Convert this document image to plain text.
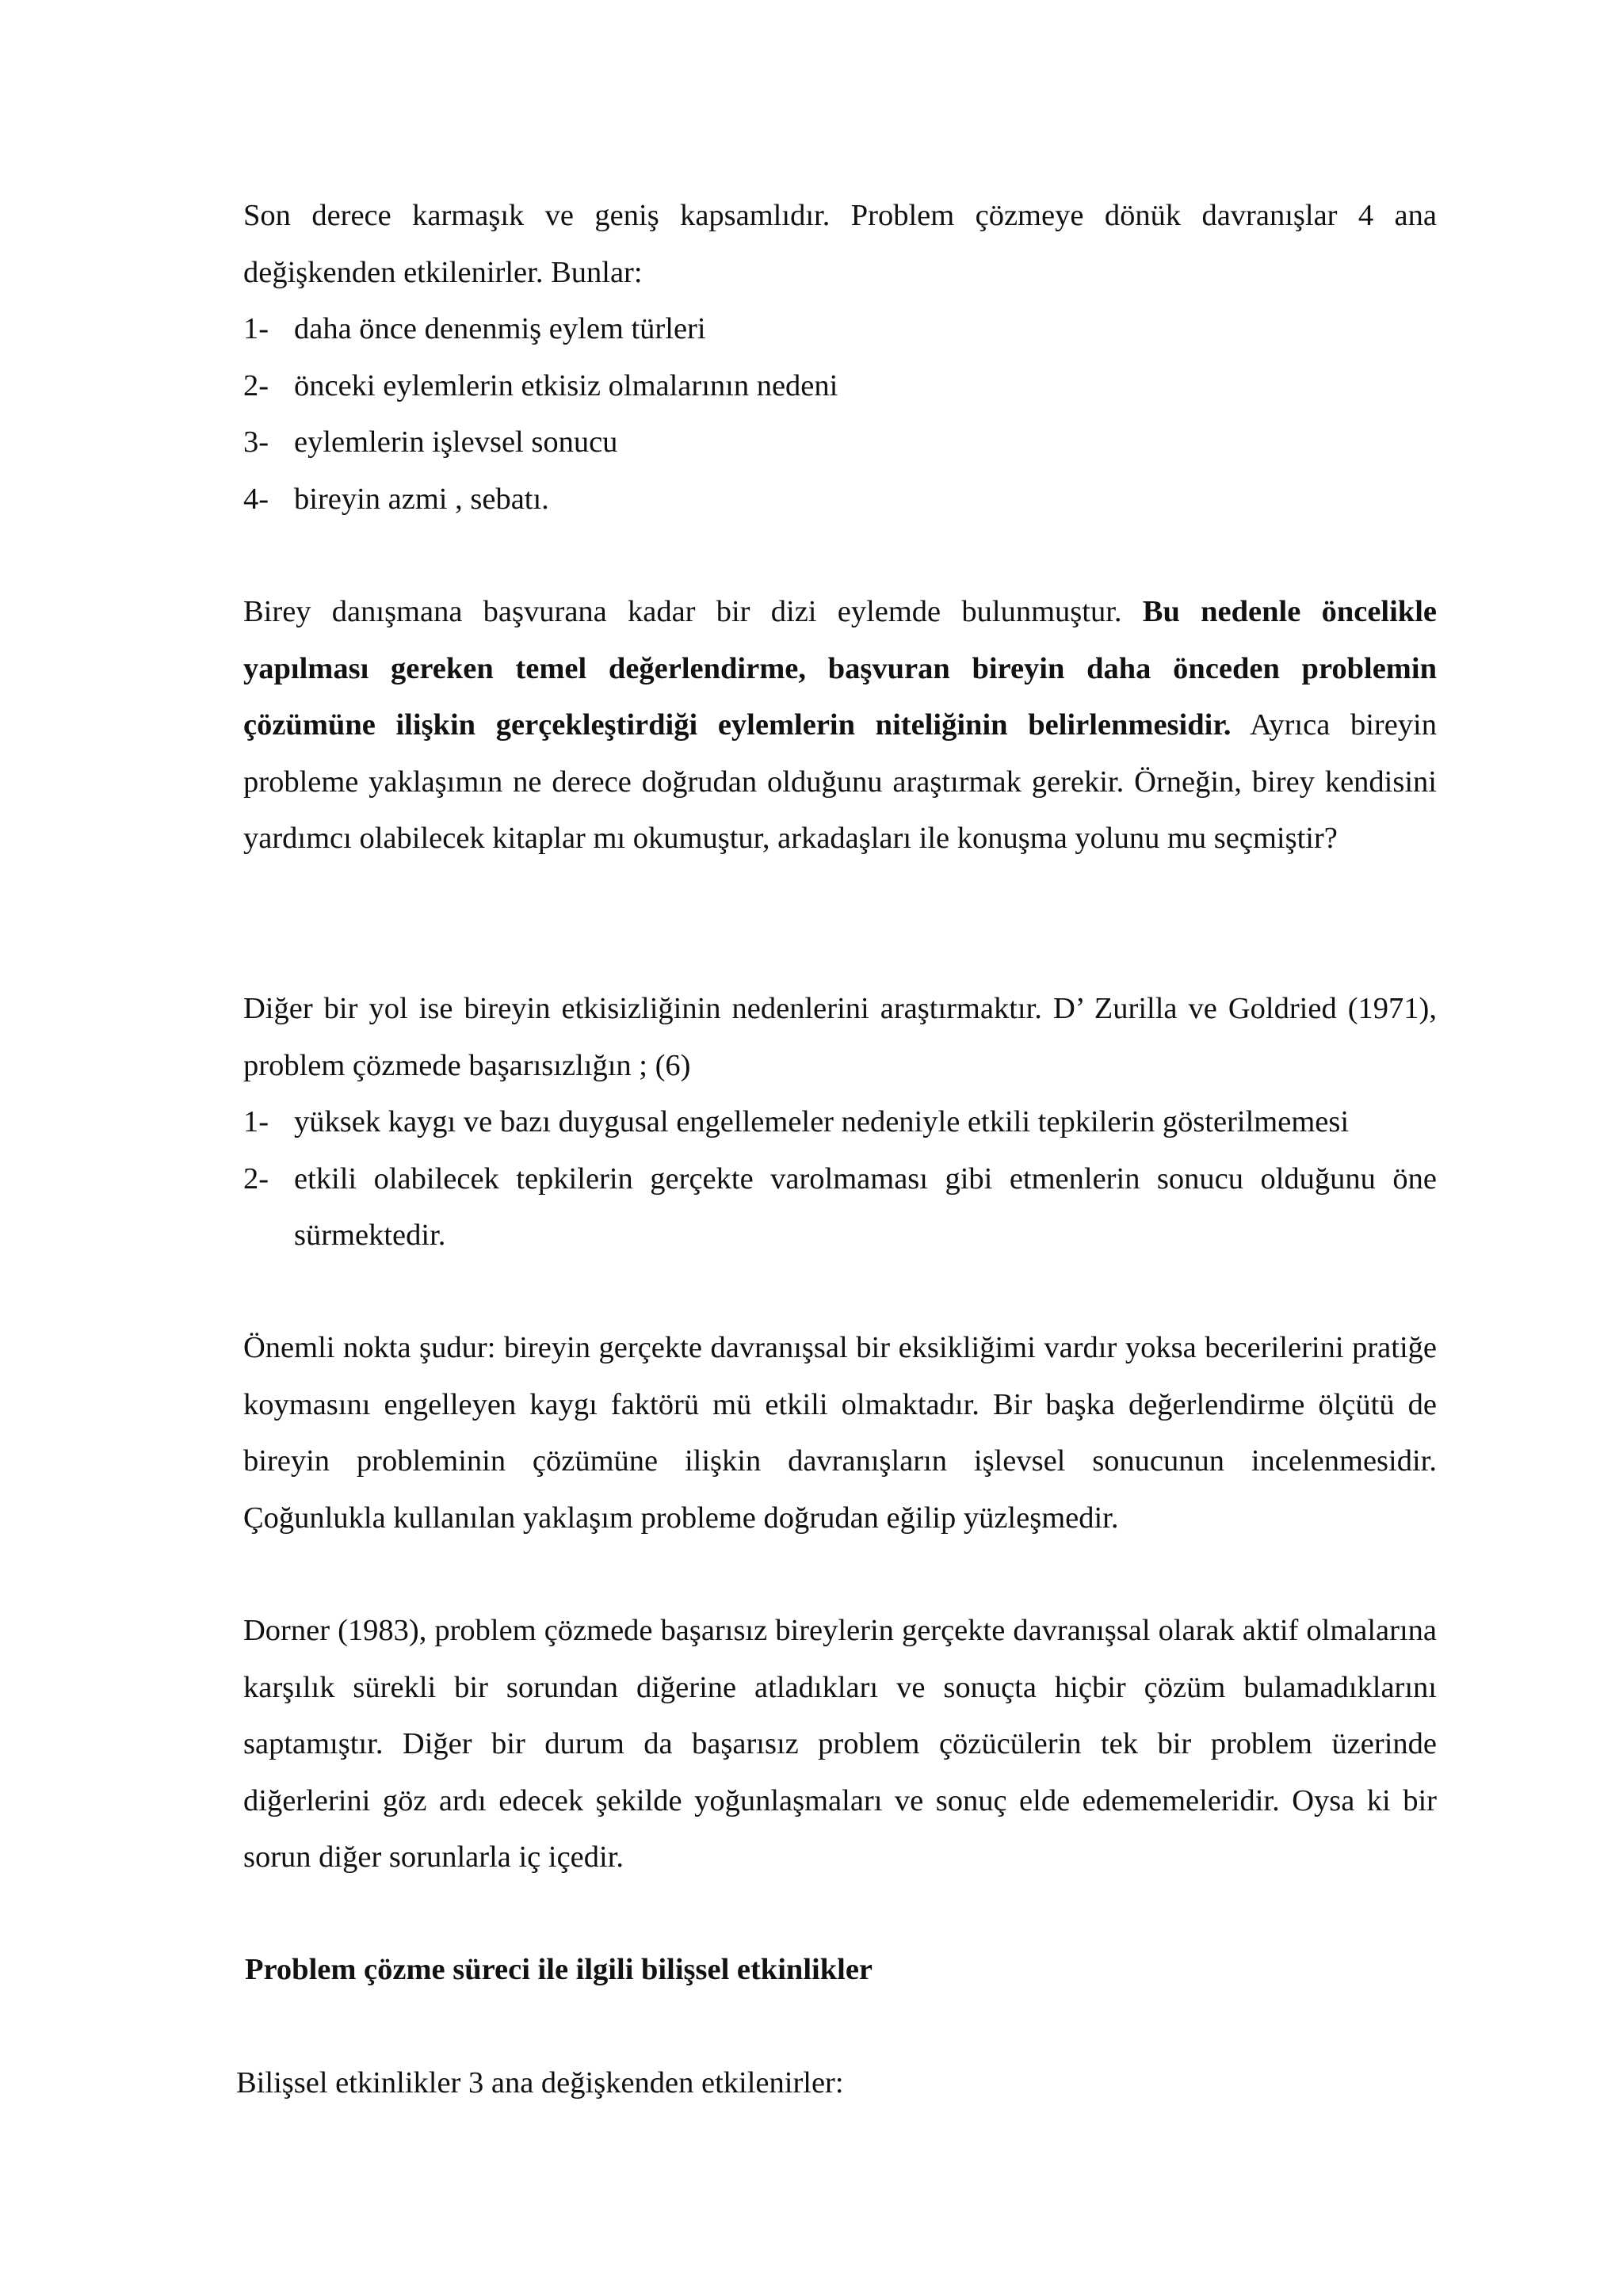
Son derece karmaşık ve geniş kapsamlıdır. Problem çözmeye dönük davranışlar 4 ana değişkenden etkilenirler. Bunlar:

1- daha önce denenmiş eylem türleri
2- önceki eylemlerin etkisiz olmalarının nedeni
3- eylemlerin işlevsel sonucu
4- bireyin azmi , sebatı.

Birey danışmana başvurana kadar bir dizi eylemde bulunmuştur. Bu nedenle öncelikle yapılması gereken temel değerlendirme, başvuran bireyin daha önceden problemin çözümüne ilişkin gerçekleştirdiği eylemlerin niteliğinin belirlenmesidir. Ayrıca bireyin probleme yaklaşımın ne derece doğrudan olduğunu araştırmak gerekir. Örneğin, birey kendisini yardımcı olabilecek kitaplar mı okumuştur, arkadaşları ile konuşma yolunu mu seçmiştir?

Diğer bir yol ise bireyin etkisizliğinin nedenlerini araştırmaktır. D’ Zurilla ve Goldried (1971), problem çözmede başarısızlığın ; (6)

1- yüksek kaygı ve bazı duygusal engellemeler nedeniyle etkili tepkilerin gösterilmemesi
2- etkili olabilecek tepkilerin gerçekte varolmaması gibi etmenlerin sonucu olduğunu öne sürmektedir.

Önemli nokta şudur: bireyin gerçekte davranışsal bir eksikliğimi vardır yoksa becerilerini pratiğe koymasını engelleyen kaygı faktörü mü etkili olmaktadır. Bir başka değerlendirme ölçütü de bireyin probleminin çözümüne ilişkin davranışların işlevsel sonucunun incelenmesidir. Çoğunlukla kullanılan yaklaşım probleme doğrudan eğilip yüzleşmedir.

Dorner (1983), problem çözmede başarısız bireylerin gerçekte davranışsal olarak aktif olmalarına karşılık sürekli bir sorundan diğerine atladıkları ve sonuçta hiçbir çözüm bulamadıklarını saptamıştır. Diğer bir durum da başarısız problem çözücülerin tek bir problem üzerinde diğerlerini göz ardı edecek şekilde yoğunlaşmaları ve sonuç elde edememeleridir. Oysa ki bir sorun diğer sorunlarla iç içedir.

Problem çözme süreci ile ilgili bilişsel etkinlikler

Bilişsel etkinlikler 3 ana değişkenden etkilenirler:
